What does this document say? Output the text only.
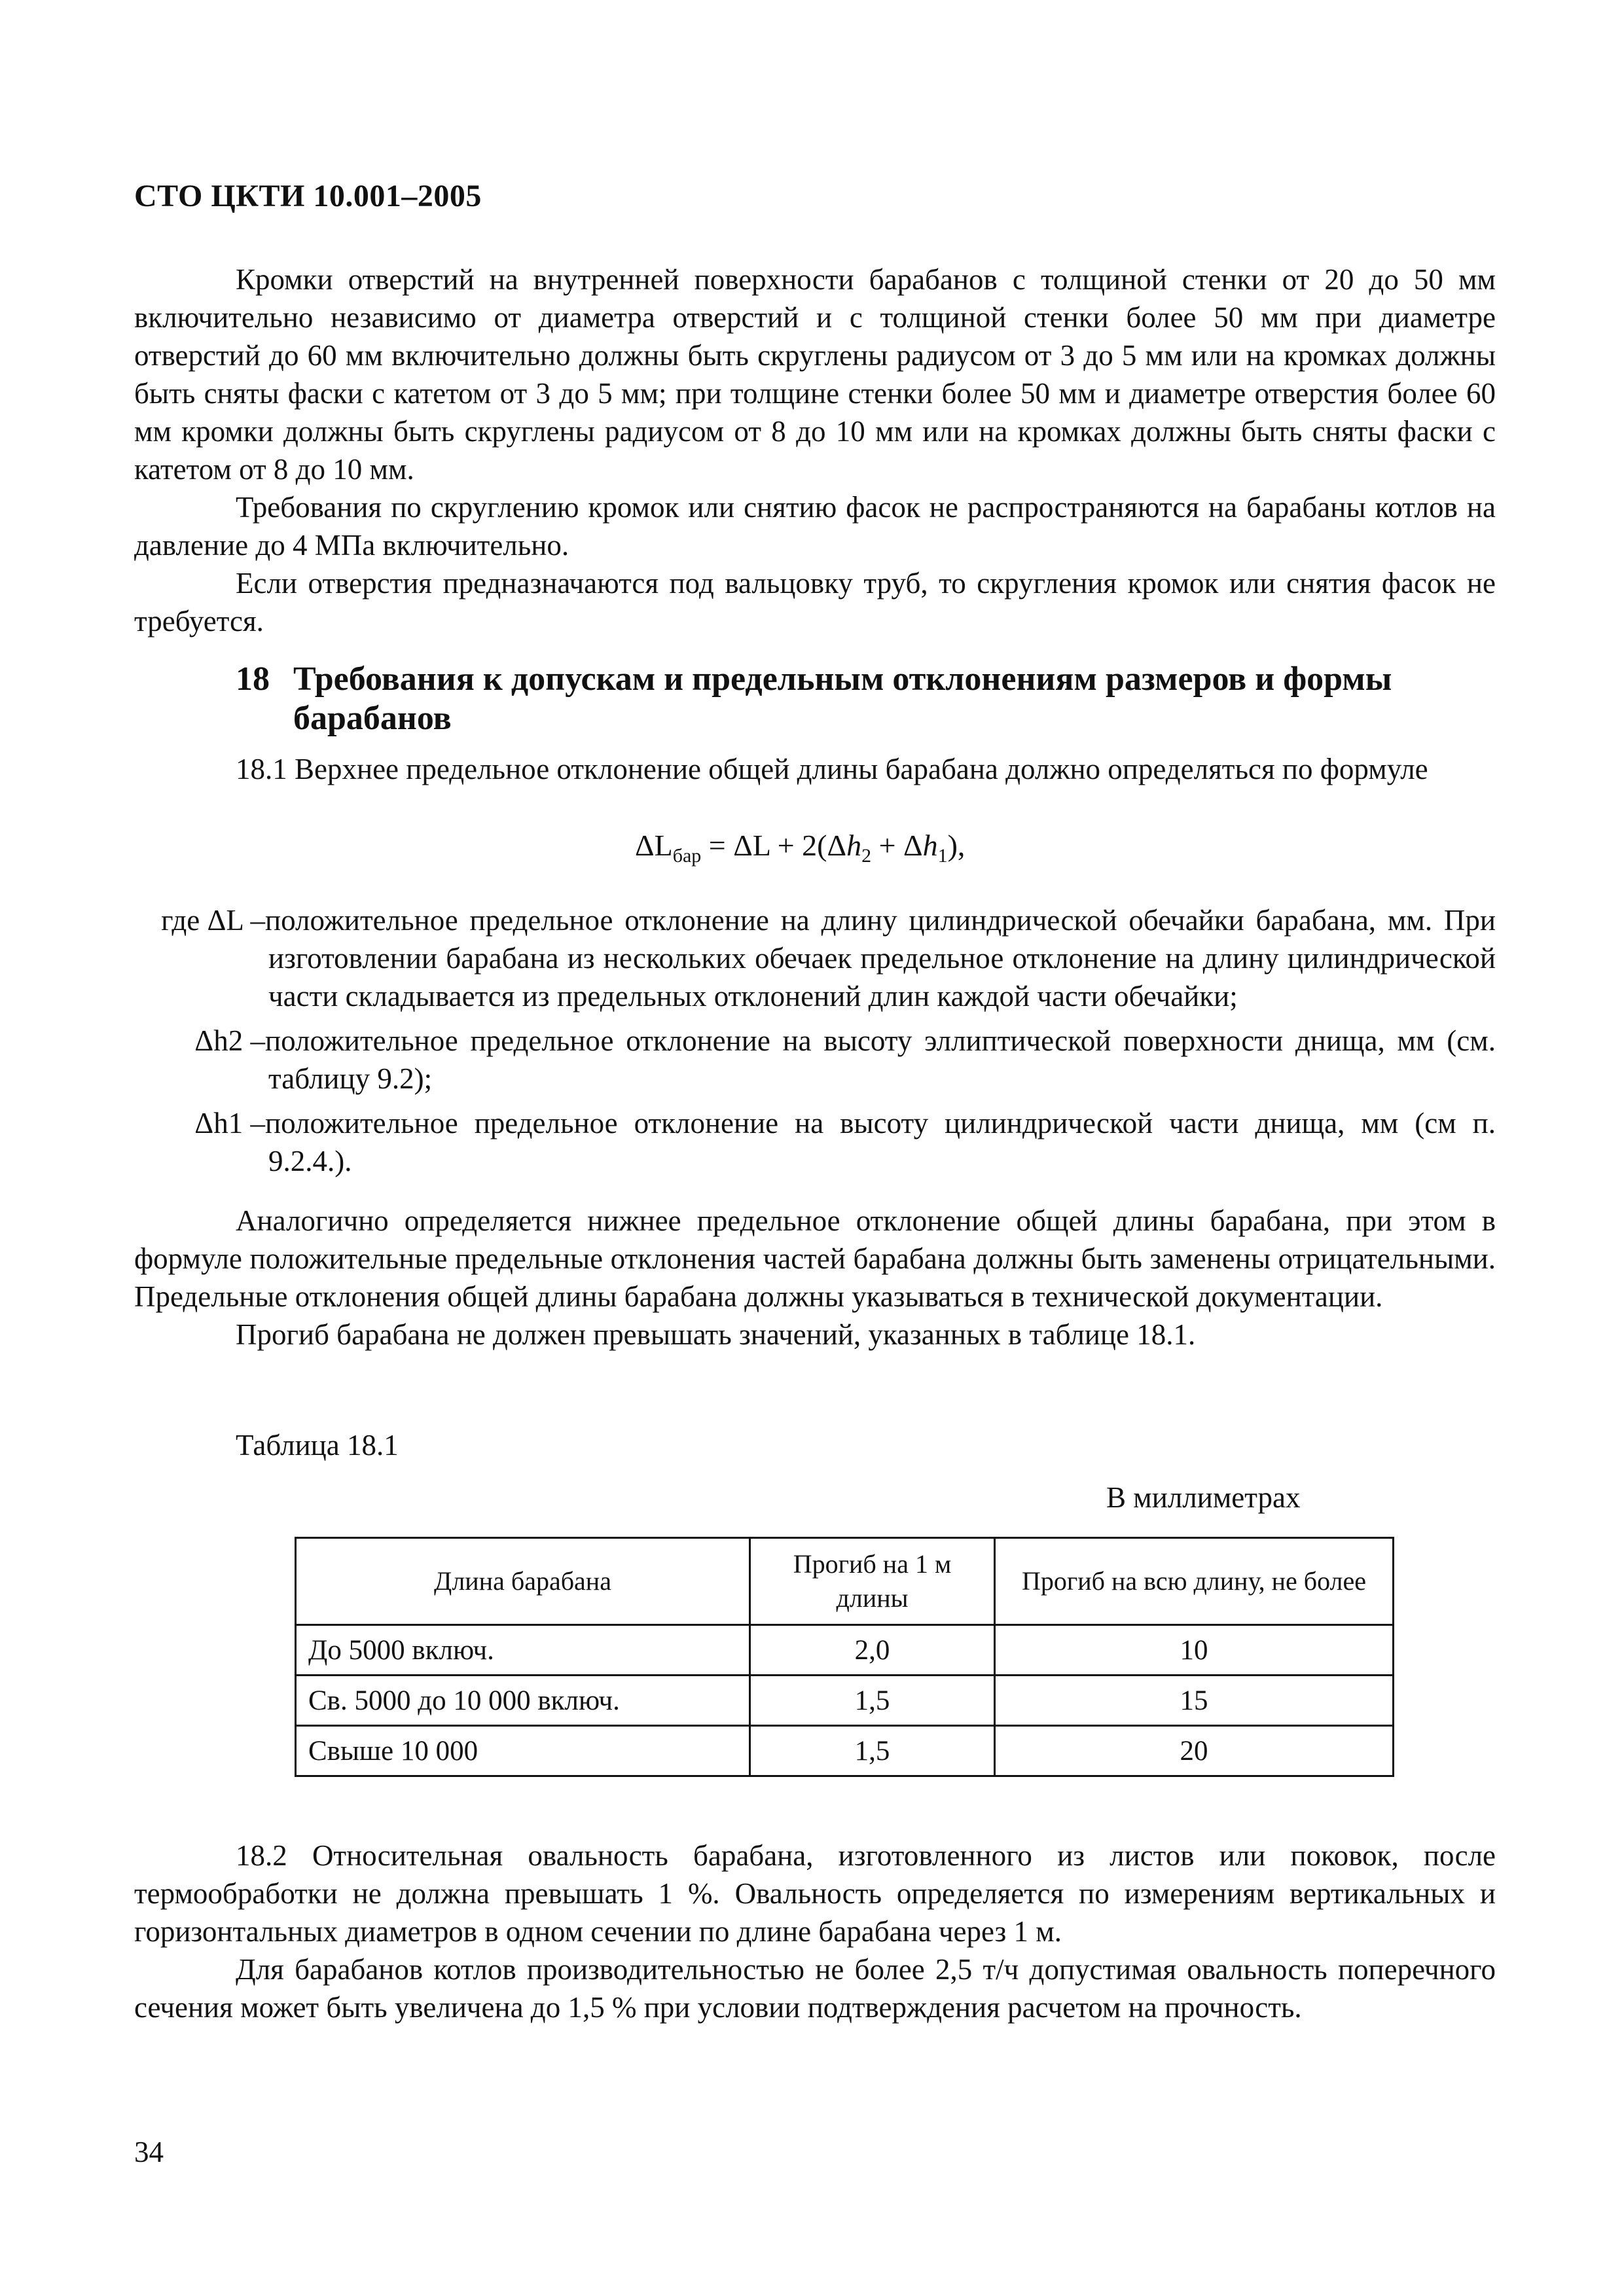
СТО ЦКТИ 10.001–2005

Кромки отверстий на внутренней поверхности барабанов с толщиной стенки от 20 до 50 мм включительно независимо от диаметра отверстий и с толщиной стенки более 50 мм при диаметре отверстий до 60 мм включительно должны быть скруглены радиусом от 3 до 5 мм или на кромках должны быть сняты фаски с катетом от 3 до 5 мм; при толщине стенки более 50 мм и диаметре отверстия более 60 мм кромки должны быть скруглены радиусом от 8 до 10 мм или на кромках должны быть сняты фаски с катетом от 8 до 10 мм.

Требования по скруглению кромок или снятию фасок не распространяются на барабаны котлов на давление до 4 МПа включительно.

Если отверстия предназначаются под вальцовку труб, то скругления кромок или снятия фасок не требуется.

18 Требования к допускам и предельным отклонениям размеров и формы барабанов

18.1 Верхнее предельное отклонение общей длины барабана должно определяться по формуле

$\Delta L_{бар} = \Delta L + 2(\Delta h_2 + \Delta h_1)$,
где ΔL – положительное предельное отклонение на длину цилиндрической обечайки барабана, мм. При изготовлении барабана из нескольких обечаек предельное отклонение на длину цилиндрической части складывается из предельных отклонений длин каждой части обечайки;
Δh2 – положительное предельное отклонение на высоту эллиптической поверхности днища, мм (см. таблицу 9.2);
Δh1 – положительное предельное отклонение на высоту цилиндрической части днища, мм (см п. 9.2.4.).

Аналогично определяется нижнее предельное отклонение общей длины барабана, при этом в формуле положительные предельные отклонения частей барабана должны быть заменены отрицательными. Предельные отклонения общей длины барабана должны указываться в технической документации.

Прогиб барабана не должен превышать значений, указанных в таблице 18.1.

Таблица 18.1
В миллиметрах
Длина барабана	Прогиб на 1 м длины	Прогиб на всю длину, не более
До 5000 включ.	2,0	10
Св. 5000 до 10 000 включ.	1,5	15
Свыше 10 000	1,5	20

18.2 Относительная овальность барабана, изготовленного из листов или поковок, после термообработки не должна превышать 1 %. Овальность определяется по измерениям вертикальных и горизонтальных диаметров в одном сечении по длине барабана через 1 м.

Для барабанов котлов производительностью не более 2,5 т/ч допустимая овальность поперечного сечения может быть увеличена до 1,5 % при условии подтверждения расчетом на прочность.

34
